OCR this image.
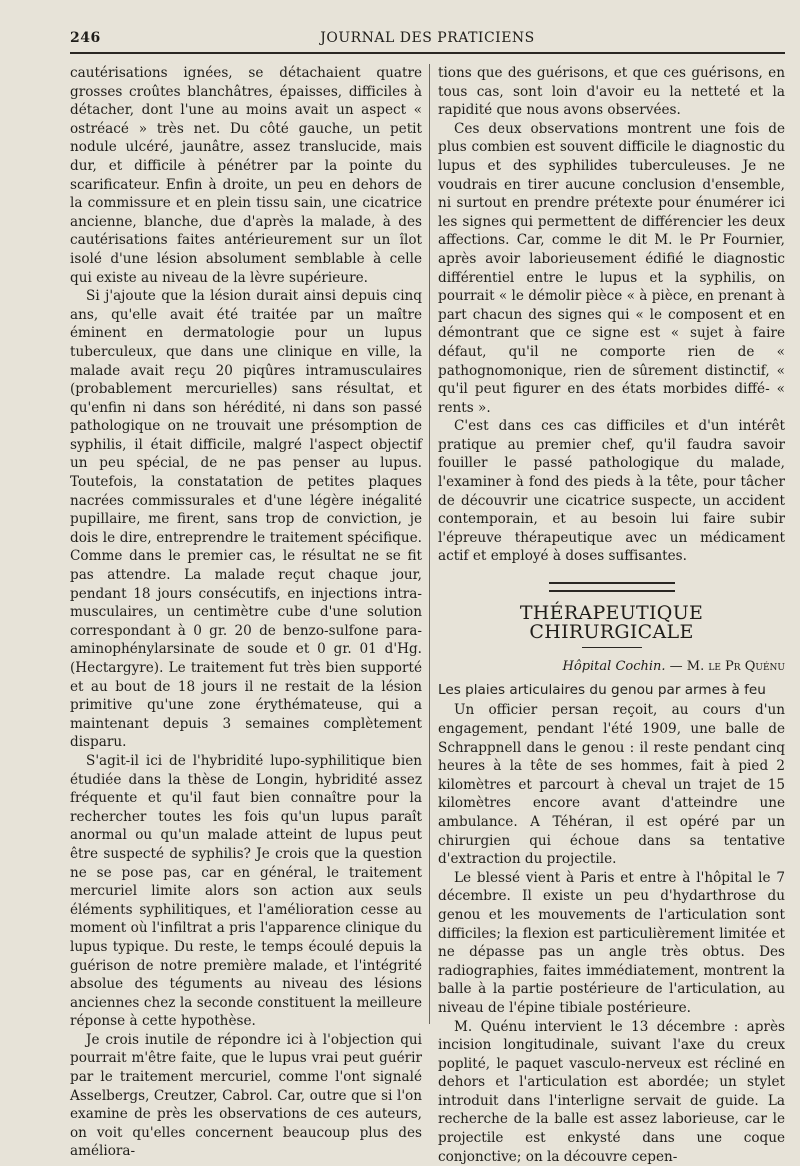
246	JOURNAL DES PRATICIENS

cautérisations ignées, se détachaient quatre grosses croûtes blanchâtres, épaisses, difficiles à détacher, dont l'une au moins avait un aspect « ostréacé » très net. Du côté gauche, un petit nodule ulcéré, jaunâtre, assez translucide, mais dur, et difficile à pénétrer par la pointe du scarificateur. Enfin à droite, un peu en dehors de la commissure et en plein tissu sain, une cicatrice ancienne, blanche, due d'après la malade, à des cautérisations faites antérieurement sur un îlot isolé d'une lésion absolument semblable à celle qui existe au niveau de la lèvre supérieure.

Si j'ajoute que la lésion durait ainsi depuis cinq ans, qu'elle avait été traitée par un maître éminent en dermatologie pour un lupus tuberculeux, que dans une clinique en ville, la malade avait reçu 20 piqûres intramusculaires (probablement mercurielles) sans résultat, et qu'enfin ni dans son hérédité, ni dans son passé pathologique on ne trouvait une présomption de syphilis, il était difficile, malgré l'aspect objectif un peu spécial, de ne pas penser au lupus. Toutefois, la constatation de petites plaques nacrées commissurales et d'une légère inégalité pupillaire, me firent, sans trop de conviction, je dois le dire, entreprendre le traitement spécifique. Comme dans le premier cas, le résultat ne se fit pas attendre. La malade reçut chaque jour, pendant 18 jours consécutifs, en injections intra-musculaires, un centimètre cube d'une solution correspondant à 0 gr. 20 de benzo-sulfone para-aminophénylarsinate de soude et 0 gr. 01 d'Hg. (Hectargyre). Le traitement fut très bien supporté et au bout de 18 jours il ne restait de la lésion primitive qu'une zone érythémateuse, qui a maintenant depuis 3 semaines complètement disparu.

S'agit-il ici de l'hybridité lupo-syphilitique bien étudiée dans la thèse de Longin, hybridité assez fréquente et qu'il faut bien connaître pour la rechercher toutes les fois qu'un lupus paraît anormal ou qu'un malade atteint de lupus peut être suspecté de syphilis? Je crois que la question ne se pose pas, car en général, le traitement mercuriel limite alors son action aux seuls éléments syphilitiques, et l'amélioration cesse au moment où l'infiltrat a pris l'apparence clinique du lupus typique. Du reste, le temps écoulé depuis la guérison de notre première malade, et l'intégrité absolue des téguments au niveau des lésions anciennes chez la seconde constituent la meilleure réponse à cette hypothèse.

Je crois inutile de répondre ici à l'objection qui pourrait m'être faite, que le lupus vrai peut guérir par le traitement mercuriel, comme l'ont signalé Asselbergs, Creutzer, Cabrol. Car, outre que si l'on examine de près les observations de ces auteurs, on voit qu'elles concernent beaucoup plus des améliora-

tions que des guérisons, et que ces guérisons, en tous cas, sont loin d'avoir eu la netteté et la rapidité que nous avons observées.

Ces deux observations montrent une fois de plus combien est souvent difficile le diagnostic du lupus et des syphilides tuberculeuses. Je ne voudrais en tirer aucune conclusion d'ensemble, ni surtout en prendre prétexte pour énumérer ici les signes qui permettent de différencier les deux affections. Car, comme le dit M. le Pr Fournier, après avoir laborieusement édifié le diagnostic différentiel entre le lupus et la syphilis, on pourrait « le démolir pièce « à pièce, en prenant à part chacun des signes qui « le composent et en démontrant que ce signe est « sujet à faire défaut, qu'il ne comporte rien de « pathognomonique, rien de sûrement distinctif, « qu'il peut figurer en des états morbides diffé- « rents ».

C'est dans ces cas difficiles et d'un intérêt pratique au premier chef, qu'il faudra savoir fouiller le passé pathologique du malade, l'examiner à fond des pieds à la tête, pour tâcher de découvrir une cicatrice suspecte, un accident contemporain, et au besoin lui faire subir l'épreuve thérapeutique avec un médicament actif et employé à doses suffisantes.

THÉRAPEUTIQUE CHIRURGICALE
Hôpital Cochin. — M. le Pr Quénu
Les plaies articulaires du genou par armes à feu

Un officier persan reçoit, au cours d'un engagement, pendant l'été 1909, une balle de Schrappnell dans le genou : il reste pendant cinq heures à la tête de ses hommes, fait à pied 2 kilomètres et parcourt à cheval un trajet de 15 kilomètres encore avant d'atteindre une ambulance. A Téhéran, il est opéré par un chirurgien qui échoue dans sa tentative d'extraction du projectile.

Le blessé vient à Paris et entre à l'hôpital le 7 décembre. Il existe un peu d'hydarthrose du genou et les mouvements de l'articulation sont difficiles; la flexion est particulièrement limitée et ne dépasse pas un angle très obtus. Des radiographies, faites immédiatement, montrent la balle à la partie postérieure de l'articulation, au niveau de l'épine tibiale postérieure.

M. Quénu intervient le 13 décembre : après incision longitudinale, suivant l'axe du creux poplité, le paquet vasculo-nerveux est récliné en dehors et l'articulation est abordée; un stylet introduit dans l'interligne servait de guide. La recherche de la balle est assez laborieuse, car le projectile est enkysté dans une coque conjonctive; on la découvre cepen-
